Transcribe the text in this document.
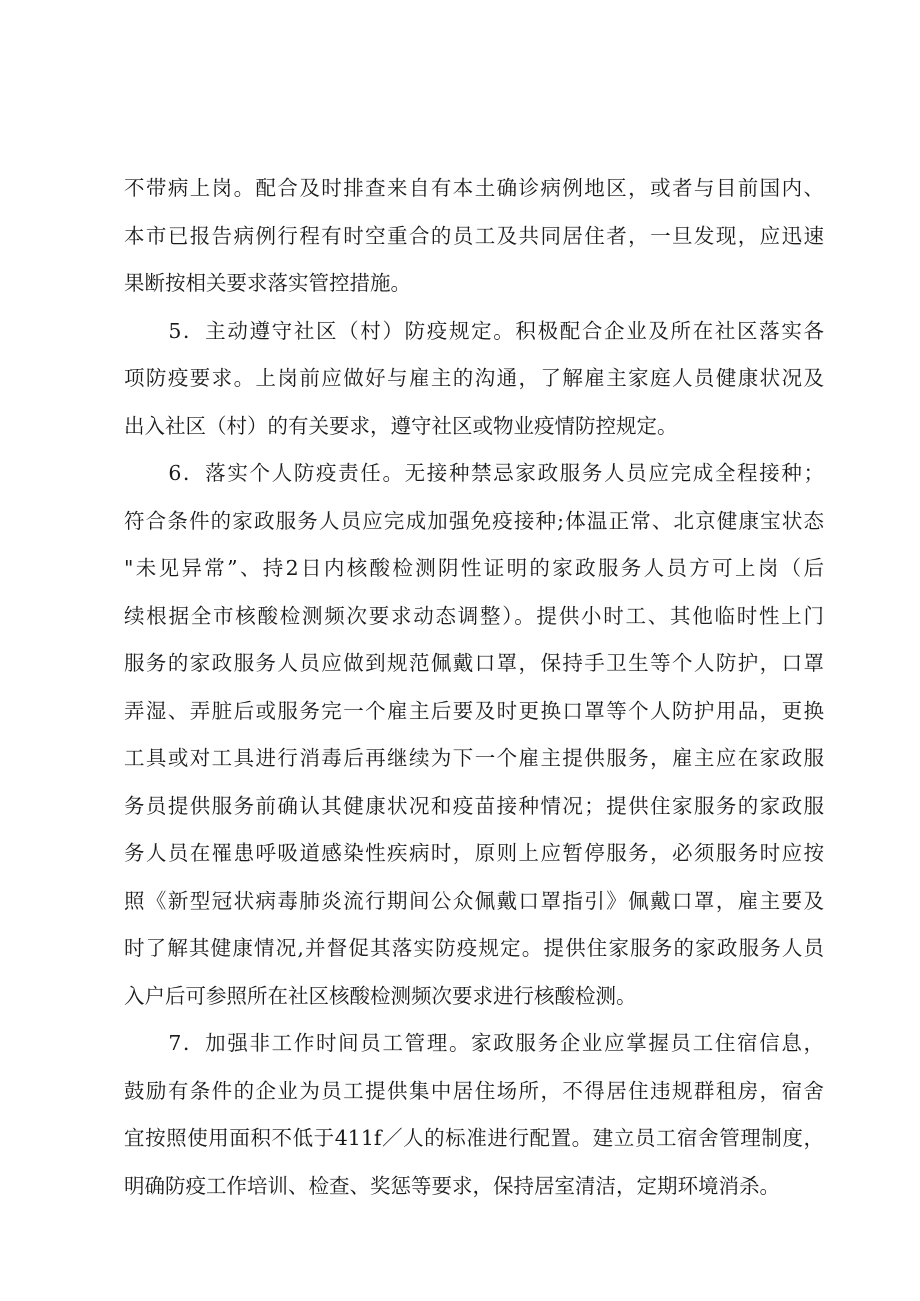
不带病上岗。配合及时排查来自有本土确诊病例地区，或者与目前国内、
本市已报告病例行程有时空重合的员工及共同居住者，一旦发现，应迅速
果断按相关要求落实管控措施。
　　5．主动遵守社区（村）防疫规定。积极配合企业及所在社区落实各
项防疫要求。上岗前应做好与雇主的沟通，了解雇主家庭人员健康状况及
出入社区（村）的有关要求，遵守社区或物业疫情防控规定。
　　6．落实个人防疫责任。无接种禁忌家政服务人员应完成全程接种；
符合条件的家政服务人员应完成加强免疫接种;体温正常、北京健康宝状态
"未见异常”、持2日内核酸检测阴性证明的家政服务人员方可上岗（后
续根据全市核酸检测频次要求动态调整）。提供小时工、其他临时性上门
服务的家政服务人员应做到规范佩戴口罩，保持手卫生等个人防护，口罩
弄湿、弄脏后或服务完一个雇主后要及时更换口罩等个人防护用品，更换
工具或对工具进行消毒后再继续为下一个雇主提供服务，雇主应在家政服
务员提供服务前确认其健康状况和疫苗接种情况；提供住家服务的家政服
务人员在罹患呼吸道感染性疾病时，原则上应暂停服务，必须服务时应按
照《新型冠状病毒肺炎流行期间公众佩戴口罩指引》佩戴口罩，雇主要及
时了解其健康情况,并督促其落实防疫规定。提供住家服务的家政服务人员
入户后可参照所在社区核酸检测频次要求进行核酸检测。
　　7．加强非工作时间员工管理。家政服务企业应掌握员工住宿信息，
鼓励有条件的企业为员工提供集中居住场所，不得居住违规群租房，宿舍
宜按照使用面积不低于411f／人的标准进行配置。建立员工宿舍管理制度，
明确防疫工作培训、检查、奖惩等要求，保持居室清洁，定期环境消杀。
